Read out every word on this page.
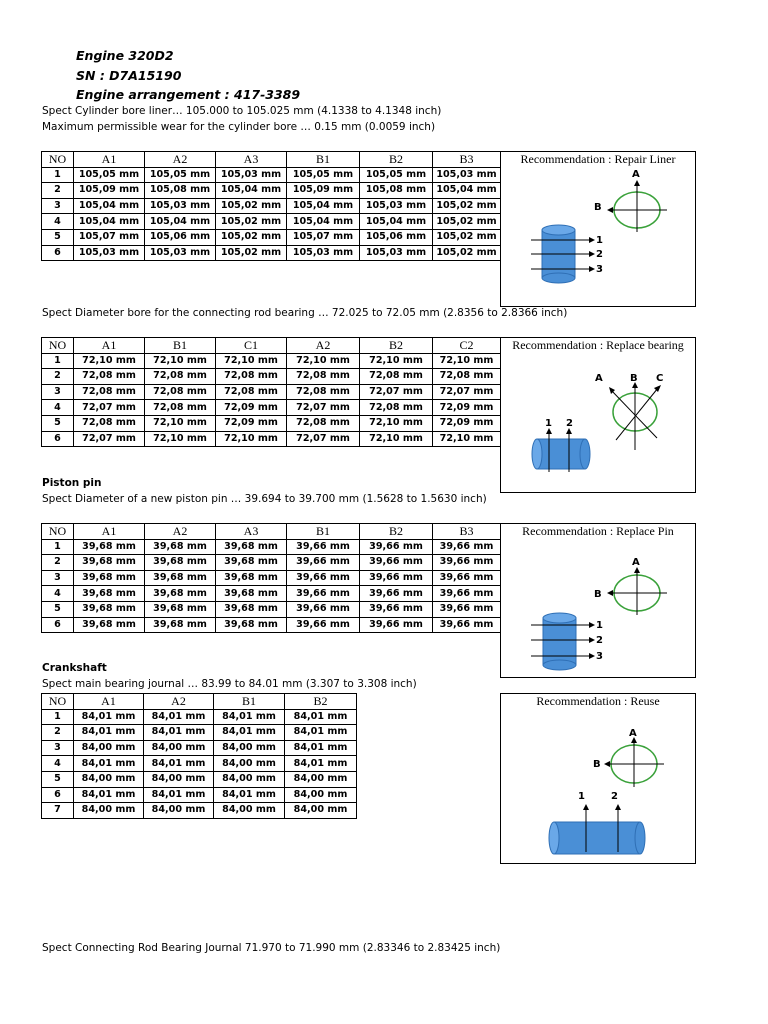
Engine 320D2
SN : D7A15190
Engine arrangement : 417-3389
Spect Cylinder bore liner… 105.000 to 105.025 mm (4.1338 to 4.1348 inch)
Maximum permissible wear for the cylinder bore … 0.15 mm (0.0059 inch)
NO	A1	A2	A3	B1	B2	B3
1	105,05 mm	105,05 mm	105,03 mm	105,05 mm	105,05 mm	105,03 mm
2	105,09 mm	105,08 mm	105,04 mm	105,09 mm	105,08 mm	105,04 mm
3	105,04 mm	105,03 mm	105,02 mm	105,04 mm	105,03 mm	105,02 mm
4	105,04 mm	105,04 mm	105,02 mm	105,04 mm	105,04 mm	105,02 mm
5	105,07 mm	105,06 mm	105,02 mm	105,07 mm	105,06 mm	105,02 mm
6	105,03 mm	105,03 mm	105,02 mm	105,03 mm	105,03 mm	105,02 mm
Recommendation : Repair Liner
A
B
1
2
3
Spect Diameter bore for the connecting rod bearing … 72.025 to 72.05 mm (2.8356 to 2.8366 inch)
NO	A1	B1	C1	A2	B2	C2
1	72,10 mm	72,10 mm	72,10 mm	72,10 mm	72,10 mm	72,10 mm
2	72,08 mm	72,08 mm	72,08 mm	72,08 mm	72,08 mm	72,08 mm
3	72,08 mm	72,08 mm	72,08 mm	72,08 mm	72,07 mm	72,07 mm
4	72,07 mm	72,08 mm	72,09 mm	72,07 mm	72,08 mm	72,09 mm
5	72,08 mm	72,10 mm	72,09 mm	72,08 mm	72,10 mm	72,09 mm
6	72,07 mm	72,10 mm	72,10 mm	72,07 mm	72,10 mm	72,10 mm
Recommendation : Replace bearing
A	B C
1 2
Piston pin
Spect Diameter of a new piston pin … 39.694 to 39.700 mm (1.5628 to 1.5630 inch)
NO	A1	A2	A3	B1	B2	B3
1	39,68 mm	39,68 mm	39,68 mm	39,66 mm	39,66 mm	39,66 mm
2	39,68 mm	39,68 mm	39,68 mm	39,66 mm	39,66 mm	39,66 mm
3	39,68 mm	39,68 mm	39,68 mm	39,66 mm	39,66 mm	39,66 mm
4	39,68 mm	39,68 mm	39,68 mm	39,66 mm	39,66 mm	39,66 mm
5	39,68 mm	39,68 mm	39,68 mm	39,66 mm	39,66 mm	39,66 mm
6	39,68 mm	39,68 mm	39,68 mm	39,66 mm	39,66 mm	39,66 mm
Recommendation : Replace Pin
A
B
1
2
3
Crankshaft
Spect main bearing journal … 83.99 to 84.01 mm (3.307 to 3.308 inch)
NO	A1	A2	B1	B2
1	84,01 mm	84,01 mm	84,01 mm	84,01 mm
2	84,01 mm	84,01 mm	84,01 mm	84,01 mm
3	84,00 mm	84,00 mm	84,00 mm	84,01 mm
4	84,01 mm	84,01 mm	84,00 mm	84,01 mm
5	84,00 mm	84,00 mm	84,00 mm	84,00 mm
6	84,01 mm	84,01 mm	84,01 mm	84,00 mm
7	84,00 mm	84,00 mm	84,00 mm	84,00 mm
Recommendation : Reuse
A
B
1	2
Spect Connecting Rod Bearing Journal 71.970 to 71.990 mm (2.83346 to 2.83425 inch)
